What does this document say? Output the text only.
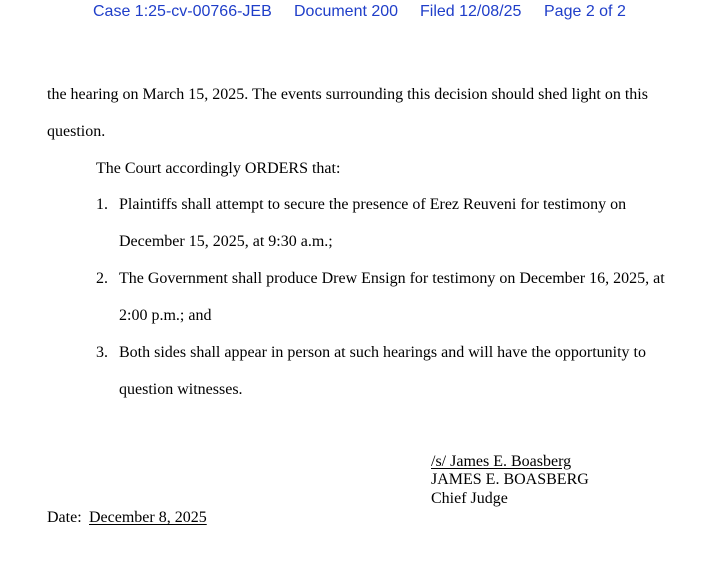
Case 1:25-cv-00766-JEB Document 200 Filed 12/08/25 Page 2 of 2
the hearing on March 15, 2025. The events surrounding this decision should shed light on this
question.
The Court accordingly ORDERS that:
1. Plaintiffs shall attempt to secure the presence of Erez Reuveni for testimony on
December 15, 2025, at 9:30 a.m.;
2. The Government shall produce Drew Ensign for testimony on December 16, 2025, at
2:00 p.m.; and
3. Both sides shall appear in person at such hearings and will have the opportunity to
question witnesses.
/s/ James E. Boasberg
JAMES E. BOASBERG
Chief Judge
Date: December 8, 2025
